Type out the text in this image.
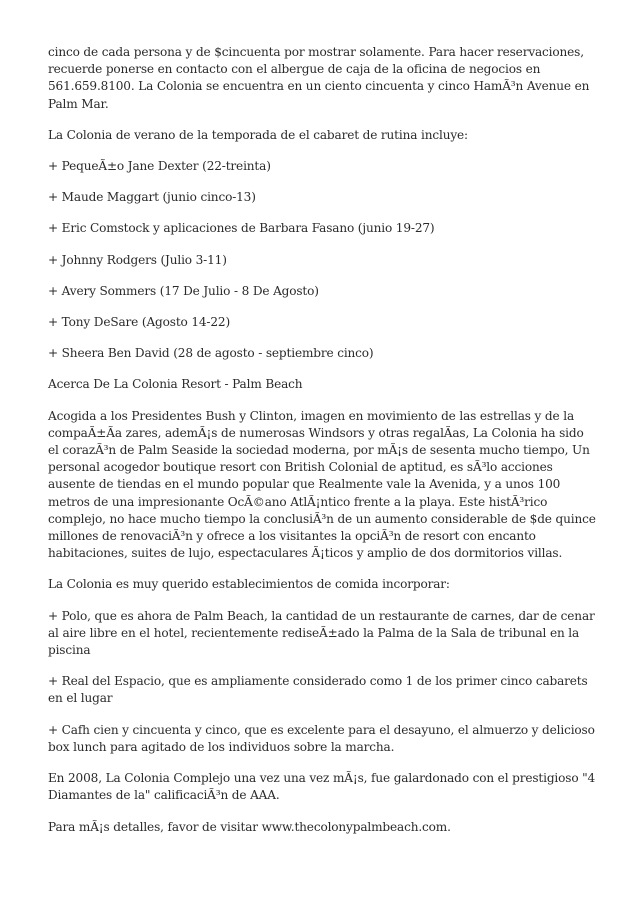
cinco de cada persona y de $cincuenta por mostrar solamente. Para hacer reservaciones, recuerde ponerse en contacto con el albergue de caja de la oficina de negocios en 561.659.8100. La Colonia se encuentra en un ciento cincuenta y cinco HamÃ³n Avenue en Palm Mar.

La Colonia de verano de la temporada de el cabaret de rutina incluye:

+ PequeÃ±o Jane Dexter (22-treinta)

+ Maude Maggart (junio cinco-13)

+ Eric Comstock y aplicaciones de Barbara Fasano (junio 19-27)

+ Johnny Rodgers (Julio 3-11)

+ Avery Sommers (17 De Julio - 8 De Agosto)

+ Tony DeSare (Agosto 14-22)

+ Sheera Ben David (28 de agosto - septiembre cinco)

Acerca De La Colonia Resort - Palm Beach

Acogida a los Presidentes Bush y Clinton, imagen en movimiento de las estrellas y de la compaÃ±Ãa zares, ademÃ¡s de numerosas Windsors y otras regalÃas, La Colonia ha sido el corazÃ³n de Palm Seaside la sociedad moderna, por mÃ¡s de sesenta mucho tiempo, Un personal acogedor boutique resort con British Colonial de aptitud, es sÃ³lo acciones ausente de tiendas en el mundo popular que Realmente vale la Avenida, y a unos 100 metros de una impresionante OcÃ©ano AtlÃ¡ntico frente a la playa. Este histÃ³rico complejo, no hace mucho tiempo la conclusiÃ³n de un aumento considerable de $de quince millones de renovaciÃ³n y ofrece a los visitantes la opciÃ³n de resort con encanto habitaciones, suites de lujo, espectaculares Ã¡ticos y amplio de dos dormitorios villas.

La Colonia es muy querido establecimientos de comida incorporar:

+ Polo, que es ahora de Palm Beach, la cantidad de un restaurante de carnes, dar de cenar al aire libre en el hotel, recientemente rediseÃ±ado la Palma de la Sala de tribunal en la piscina

+ Real del Espacio, que es ampliamente considerado como 1 de los primer cinco cabarets en el lugar

+ Cafh cien y cincuenta y cinco, que es excelente para el desayuno, el almuerzo y delicioso box lunch para agitado de los individuos sobre la marcha.

En 2008, La Colonia Complejo una vez una vez mÃ¡s, fue galardonado con el prestigioso "4 Diamantes de la" calificaciÃ³n de AAA.

Para mÃ¡s detalles, favor de visitar www.thecolonypalmbeach.com.
